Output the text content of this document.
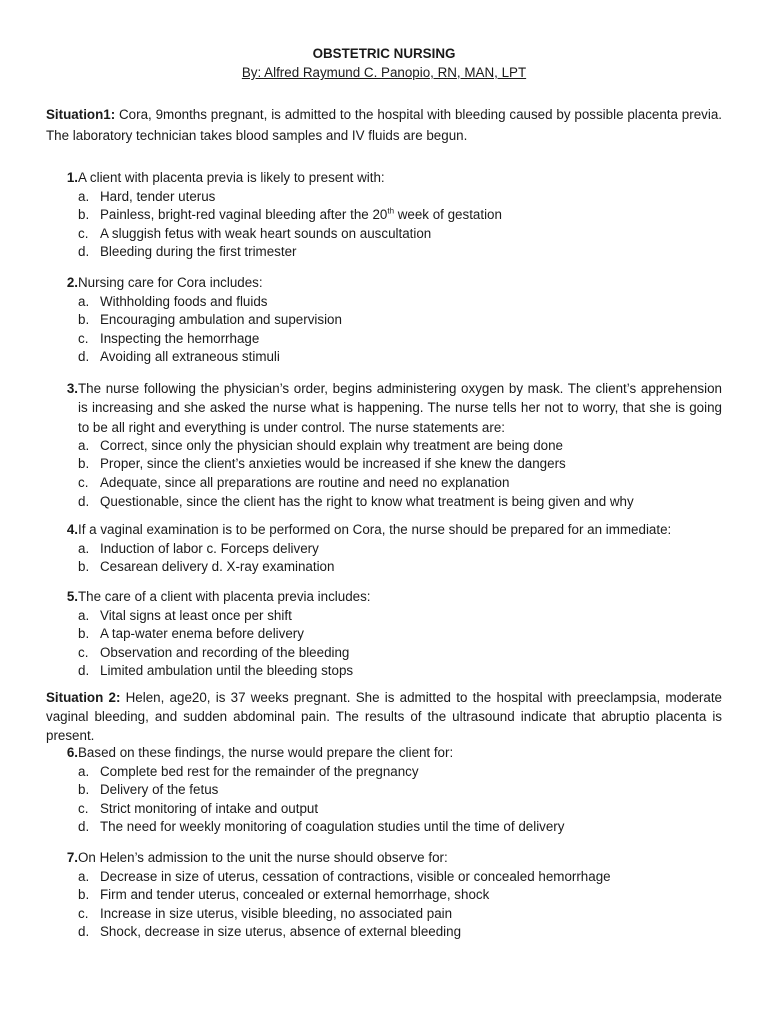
OBSTETRIC NURSING
By: Alfred Raymund C. Panopio, RN, MAN, LPT
Situation1: Cora, 9months pregnant, is admitted to the hospital with bleeding caused by possible placenta previa. The laboratory technician takes blood samples and IV fluids are begun.
1. A client with placenta previa is likely to present with:
a. Hard, tender uterus
b. Painless, bright-red vaginal bleeding after the 20th week of gestation
c. A sluggish fetus with weak heart sounds on auscultation
d. Bleeding during the first trimester
2. Nursing care for Cora includes:
a. Withholding foods and fluids
b. Encouraging ambulation and supervision
c. Inspecting the hemorrhage
d. Avoiding all extraneous stimuli
3. The nurse following the physician’s order, begins administering oxygen by mask. The client’s apprehension is increasing and she asked the nurse what is happening. The nurse tells her not to worry, that she is going to be all right and everything is under control. The nurse statements are:
a. Correct, since only the physician should explain why treatment are being done
b. Proper, since the client’s anxieties would be increased if she knew the dangers
c. Adequate, since all preparations are routine and need no explanation
d. Questionable, since the client has the right to know what treatment is being given and why
4. If a vaginal examination is to be performed on Cora, the nurse should be prepared for an immediate:
a. Induction of labor c. Forceps delivery
b. Cesarean delivery d. X-ray examination
5. The care of a client with placenta previa includes:
a. Vital signs at least once per shift
b. A tap-water enema before delivery
c. Observation and recording of the bleeding
d. Limited ambulation until the bleeding stops
Situation 2: Helen, age20, is 37 weeks pregnant. She is admitted to the hospital with preeclampsia, moderate vaginal bleeding, and sudden abdominal pain. The results of the ultrasound indicate that abruptio placenta is present.
6. Based on these findings, the nurse would prepare the client for:
a. Complete bed rest for the remainder of the pregnancy
b. Delivery of the fetus
c. Strict monitoring of intake and output
d. The need for weekly monitoring of coagulation studies until the time of delivery
7. On Helen’s admission to the unit the nurse should observe for:
a. Decrease in size of uterus, cessation of contractions, visible or concealed hemorrhage
b. Firm and tender uterus, concealed or external hemorrhage, shock
c. Increase in size uterus, visible bleeding, no associated pain
d. Shock, decrease in size uterus, absence of external bleeding
